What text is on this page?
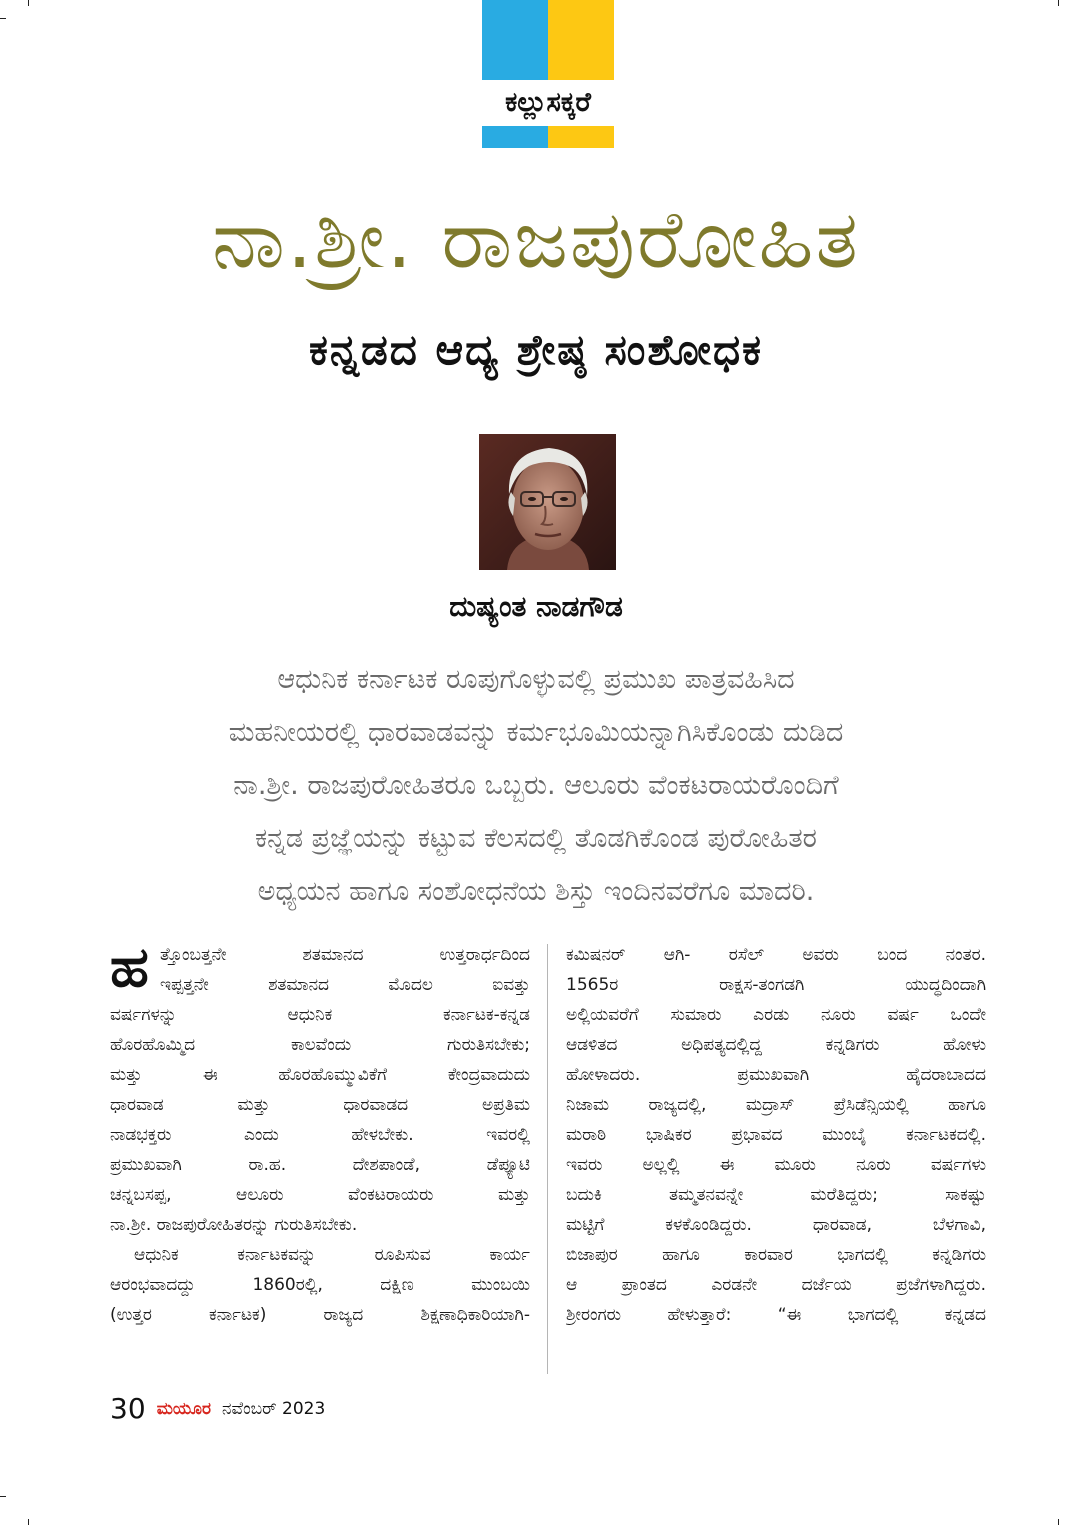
ಕಲ್ಲುಸಕ್ಕರೆ
ನಾ.ಶ್ರೀ. ರಾಜಪುರೋಹಿತ
ಕನ್ನಡದ ಆದ್ಯ ಶ್ರೇಷ್ಠ ಸಂಶೋಧಕ
ದುಷ್ಯಂತ ನಾಡಗೌಡ
ಆಧುನಿಕ ಕರ್ನಾಟಕ ರೂಪುಗೊಳ್ಳುವಲ್ಲಿ ಪ್ರಮುಖ ಪಾತ್ರವಹಿಸಿದ
ಮಹನೀಯರಲ್ಲಿ ಧಾರವಾಡವನ್ನು ಕರ್ಮಭೂಮಿಯನ್ನಾಗಿಸಿಕೊಂಡು ದುಡಿದ
ನಾ.ಶ್ರೀ. ರಾಜಪುರೋಹಿತರೂ ಒಬ್ಬರು. ಆಲೂರು ವೆಂಕಟರಾಯರೊಂದಿಗೆ
ಕನ್ನಡ ಪ್ರಜ್ಞೆಯನ್ನು ಕಟ್ಟುವ ಕೆಲಸದಲ್ಲಿ ತೊಡಗಿಕೊಂಡ ಪುರೋಹಿತರ
ಅಧ್ಯಯನ ಹಾಗೂ ಸಂಶೋಧನೆಯ ಶಿಸ್ತು ಇಂದಿನವರೆಗೂ ಮಾದರಿ.
ಹ ತ್ತೊಂಬತ್ತನೇ ಶತಮಾನದ ಉತ್ತರಾರ್ಧದಿಂದ
ಇಪ್ಪತ್ತನೇ ಶತಮಾನದ ಮೊದಲ ಐವತ್ತು
ವರ್ಷಗಳನ್ನು ಆಧುನಿಕ ಕರ್ನಾಟಕ-ಕನ್ನಡ
ಹೊರಹೊಮ್ಮಿದ ಕಾಲವೆಂದು ಗುರುತಿಸಬೇಕು;
ಮತ್ತು ಈ ಹೊರಹೊಮ್ಮುವಿಕೆಗೆ ಕೇಂದ್ರವಾದುದು
ಧಾರವಾಡ ಮತ್ತು ಧಾರವಾಡದ ಅಪ್ರತಿಮ
ನಾಡಭಕ್ತರು ಎಂದು ಹೇಳಬೇಕು. ಇವರಲ್ಲಿ
ಪ್ರಮುಖವಾಗಿ ರಾ.ಹ. ದೇಶಪಾಂಡೆ, ಡೆಪ್ಯೂಟಿ
ಚನ್ನಬಸಪ್ಪ, ಆಲೂರು ವೆಂಕಟರಾಯರು ಮತ್ತು
ನಾ.ಶ್ರೀ. ರಾಜಪುರೋಹಿತರನ್ನು ಗುರುತಿಸಬೇಕು.
ಆಧುನಿಕ ಕರ್ನಾಟಕವನ್ನು ರೂಪಿಸುವ ಕಾರ್ಯ
ಆರಂಭವಾದದ್ದು 1860ರಲ್ಲಿ, ದಕ್ಷಿಣ ಮುಂಬಯಿ
(ಉತ್ತರ ಕರ್ನಾಟಕ) ರಾಜ್ಯದ ಶಿಕ್ಷಣಾಧಿಕಾರಿಯಾಗಿ-
ಕಮಿಷನರ್ ಆಗಿ- ರಸೆಲ್ ಅವರು ಬಂದ ನಂತರ.
1565ರ ರಾಕ್ಷಸ-ತಂಗಡಗಿ ಯುದ್ಧದಿಂದಾಗಿ
ಅಲ್ಲಿಯವರೆಗೆ ಸುಮಾರು ಎರಡು ನೂರು ವರ್ಷ ಒಂದೇ
ಆಡಳಿತದ ಅಧಿಪತ್ಯದಲ್ಲಿದ್ದ ಕನ್ನಡಿಗರು ಹೋಳು
ಹೋಳಾದರು. ಪ್ರಮುಖವಾಗಿ ಹೈದರಾಬಾದದ
ನಿಜಾಮ ರಾಜ್ಯದಲ್ಲಿ, ಮದ್ರಾಸ್ ಪ್ರೆಸಿಡೆನ್ಸಿಯಲ್ಲಿ ಹಾಗೂ
ಮರಾಠಿ ಭಾಷಿಕರ ಪ್ರಭಾವದ ಮುಂಬೈ ಕರ್ನಾಟಕದಲ್ಲಿ.
ಇವರು ಅಲ್ಲಲ್ಲಿ ಈ ಮೂರು ನೂರು ವರ್ಷಗಳು
ಬದುಕಿ ತಮ್ಮತನವನ್ನೇ ಮರೆತಿದ್ದರು; ಸಾಕಷ್ಟು
ಮಟ್ಟಿಗೆ ಕಳಕೊಂಡಿದ್ದರು. ಧಾರವಾಡ, ಬೆಳಗಾವಿ,
ಬಿಜಾಪುರ ಹಾಗೂ ಕಾರವಾರ ಭಾಗದಲ್ಲಿ ಕನ್ನಡಿಗರು
ಆ ಪ್ರಾಂತದ ಎರಡನೇ ದರ್ಜೆಯ ಪ್ರಜೆಗಳಾಗಿದ್ದರು.
ಶ್ರೀರಂಗರು ಹೇಳುತ್ತಾರೆ: “ಈ ಭಾಗದಲ್ಲಿ ಕನ್ನಡದ
30 ಮಯೂರ ನವೆಂಬರ್ 2023
